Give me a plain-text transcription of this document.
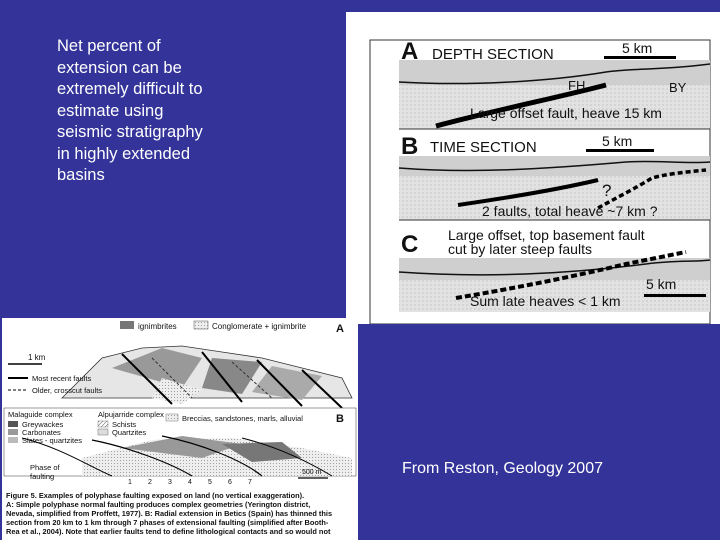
Net percent of
extension can be
extremely difficult to
estimate using
seismic stratigraphy
in highly extended
basins
A DEPTH SECTION	5 km
FH	BY
Large offset fault, heave 15 km
B TIME SECTION	5 km
?
2 faults, total heave ~7 km ?
C Large offset, top basement fault
cut by later steep faults
5 km
Sum late heaves < 1 km
ignimbrites	Conglomerate + ignimbrite	A
1 km
Most recent faults
Older, crosscut faults
Malaguide complex
Greywackes
Carbonates
Slates - quartzites
Alpujarride complex
Schists
Quartzites
Breccias, sandstones, marls, alluvial	B
Phase of
faulting
1 2 3 4 5 6 7
500 m
Figure 5. Examples of polyphase faulting exposed on land (no vertical exaggeration).
A: Simple polyphase normal faulting produces complex geometries (Yerington district,
Nevada, simplified from Proffett, 1977). B: Radial extension in Betics (Spain) has thinned this
section from 20 km to 1 km through 7 phases of extensional faulting (simplified after Booth-
Rea et al., 2004). Note that earlier faults tend to define lithological contacts and so would not
From Reston, Geology 2007
